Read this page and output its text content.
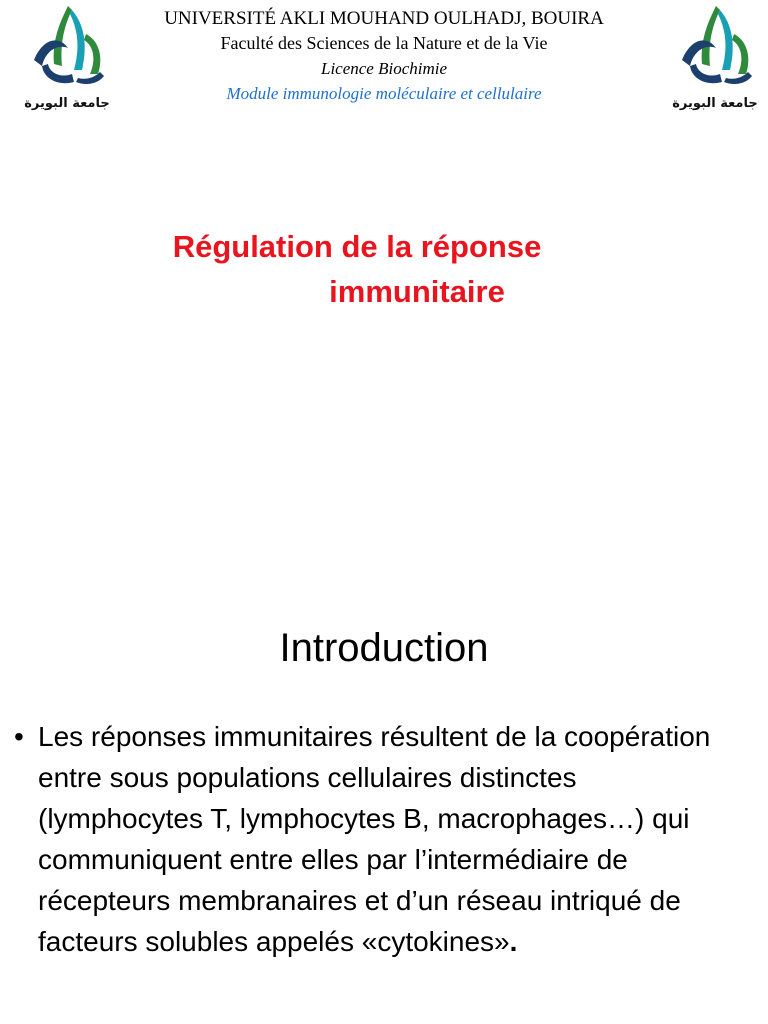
جامعة البويرة	جامعة البويرة
UNIVERSITÉ AKLI MOUHAND OULHADJ, BOUIRA
Faculté des Sciences de la Nature et de la Vie
Licence Biochimie
Module immunologie moléculaire et cellulaire
Régulation de la réponse
immunitaire
Introduction
• Les réponses immunitaires résultent de la coopération entre sous populations cellulaires distinctes (lymphocytes T, lymphocytes B, macrophages…) qui communiquent entre elles par l’intermédiaire de récepteurs membranaires et d’un réseau intriqué de facteurs solubles appelés «cytokines».
